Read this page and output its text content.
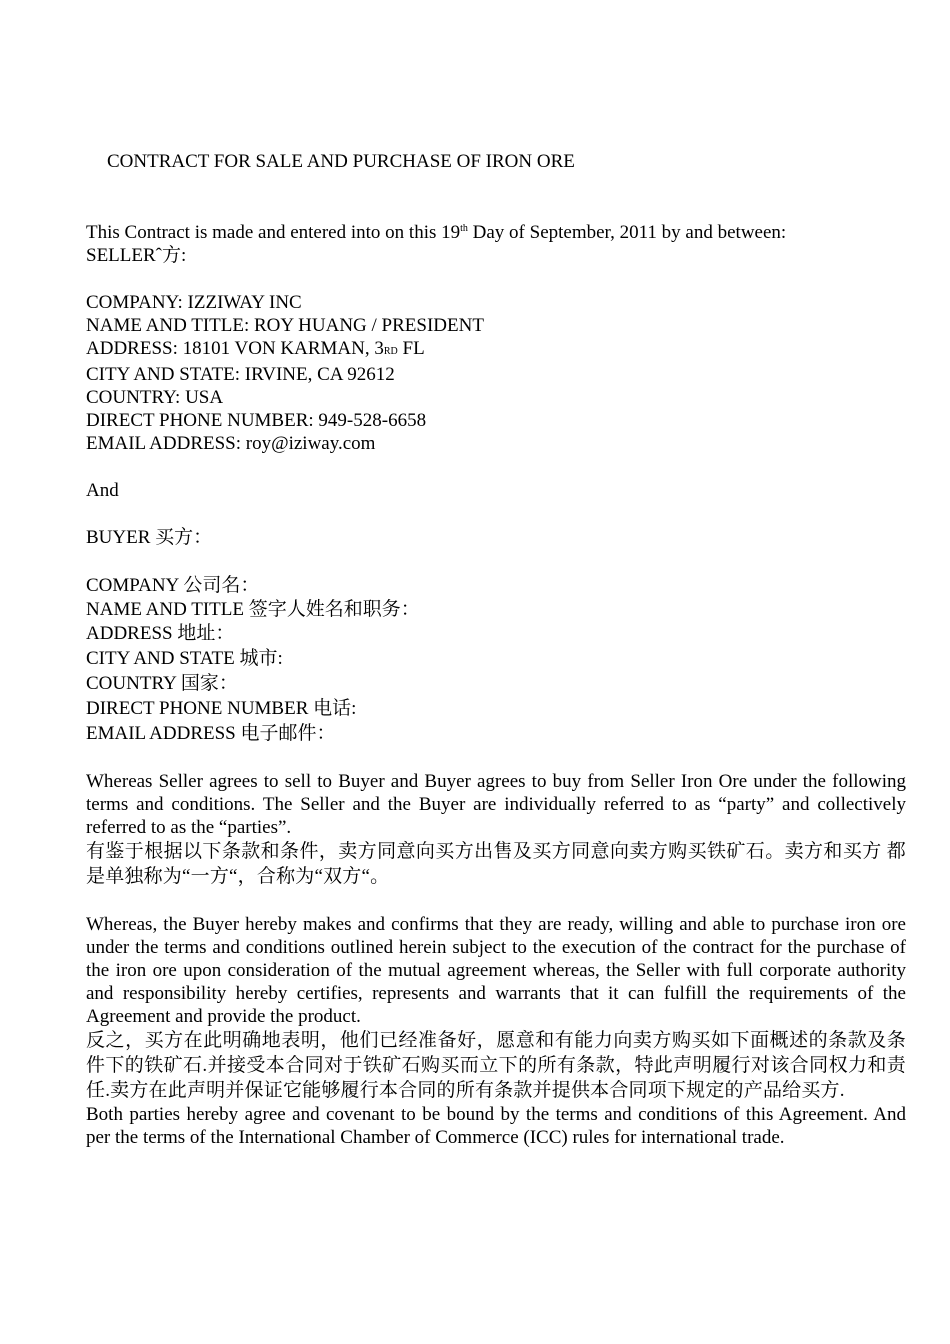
CONTRACT FOR SALE AND PURCHASE OF IRON ORE
This Contract is made and entered into on this 19th Day of September, 2011 by and between:
SELLERˆ方:
COMPANY: IZZIWAY INC
NAME AND TITLE: ROY HUANG / PRESIDENT
ADDRESS: 18101 VON KARMAN, 3RD FL
CITY AND STATE: IRVINE, CA 92612
COUNTRY: USA
DIRECT PHONE NUMBER: 949-528-6658
EMAIL ADDRESS: roy@iziway.com
And
BUYER 买方：
COMPANY 公司名：
NAME AND TITLE 签字人姓名和职务：
ADDRESS 地址：
CITY AND STATE 城市:
COUNTRY 国家：
DIRECT PHONE NUMBER 电话:
EMAIL ADDRESS 电子邮件：
Whereas Seller agrees to sell to Buyer and Buyer agrees to buy from Seller Iron Ore under the following terms and conditions. The Seller and the Buyer are individually referred to as “party” and collectively referred to as the “parties”.
有鉴于根据以下条款和条件，卖方同意向买方出售及买方同意向卖方购买铁矿石。卖方和买方 都是单独称为“一方“，合称为“双方“。
Whereas, the Buyer hereby makes and confirms that they are ready, willing and able to purchase iron ore under the terms and conditions outlined herein subject to the execution of the contract for the purchase of the iron ore upon consideration of the mutual agreement whereas, the Seller with full corporate authority and responsibility hereby certifies, represents and warrants that it can fulfill the requirements of the Agreement and provide the product.
反之，买方在此明确地表明，他们已经准备好，愿意和有能力向卖方购买如下面概述的条款及条件下的铁矿石.并接受本合同对于铁矿石购买而立下的所有条款，特此声明履行对该合同权力和责任.卖方在此声明并保证它能够履行本合同的所有条款并提供本合同项下规定的产品给买方.
Both parties hereby agree and covenant to be bound by the terms and conditions of this Agreement. And per the terms of the International Chamber of Commerce (ICC) rules for international trade.
